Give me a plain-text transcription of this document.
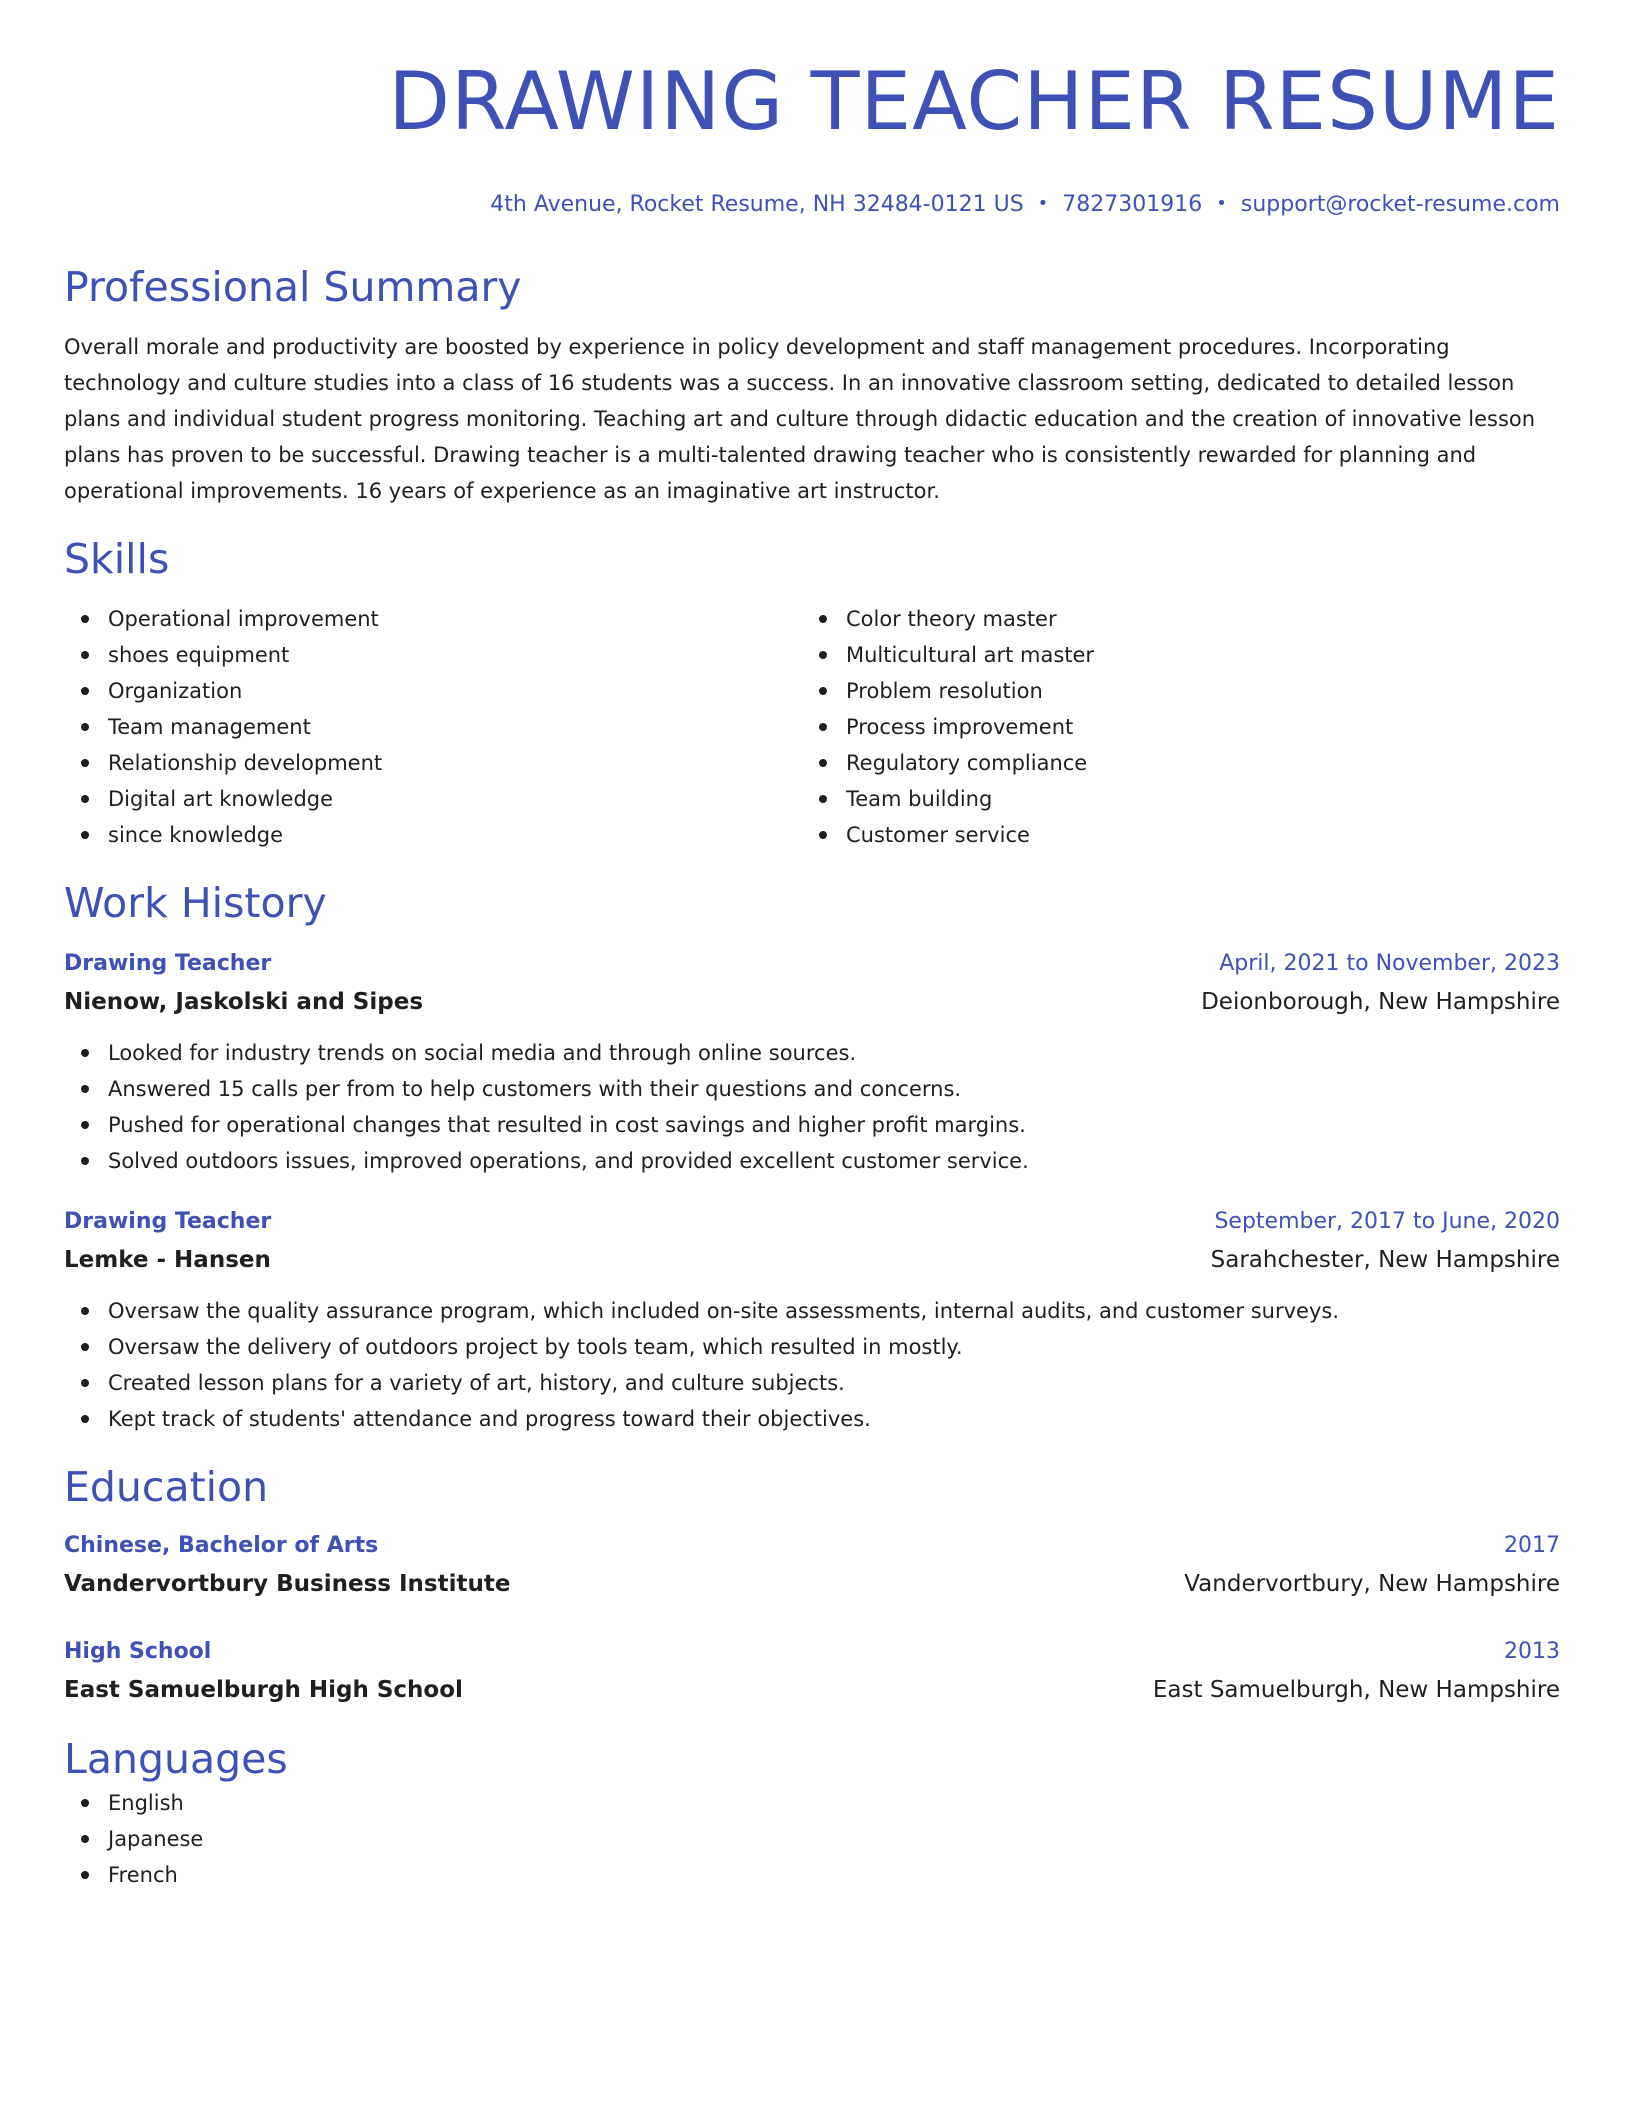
DRAWING TEACHER RESUME
4th Avenue, Rocket Resume, NH 32484-0121 US • 7827301916 • support@rocket-resume.com
Professional Summary
Overall morale and productivity are boosted by experience in policy development and staff management procedures. Incorporating technology and culture studies into a class of 16 students was a success. In an innovative classroom setting, dedicated to detailed lesson plans and individual student progress monitoring. Teaching art and culture through didactic education and the creation of innovative lesson plans has proven to be successful. Drawing teacher is a multi-talented drawing teacher who is consistently rewarded for planning and operational improvements. 16 years of experience as an imaginative art instructor.
Skills
Operational improvement
shoes equipment
Organization
Team management
Relationship development
Digital art knowledge
since knowledge
Color theory master
Multicultural art master
Problem resolution
Process improvement
Regulatory compliance
Team building
Customer service
Work History
Drawing Teacher	April, 2021 to November, 2023
Nienow, Jaskolski and Sipes	Deionborough, New Hampshire
Looked for industry trends on social media and through online sources.
Answered 15 calls per from to help customers with their questions and concerns.
Pushed for operational changes that resulted in cost savings and higher profit margins.
Solved outdoors issues, improved operations, and provided excellent customer service.
Drawing Teacher	September, 2017 to June, 2020
Lemke - Hansen	Sarahchester, New Hampshire
Oversaw the quality assurance program, which included on-site assessments, internal audits, and customer surveys.
Oversaw the delivery of outdoors project by tools team, which resulted in mostly.
Created lesson plans for a variety of art, history, and culture subjects.
Kept track of students' attendance and progress toward their objectives.
Education
Chinese, Bachelor of Arts	2017
Vandervortbury Business Institute	Vandervortbury, New Hampshire
High School	2013
East Samuelburgh High School	East Samuelburgh, New Hampshire
Languages
English
Japanese
French
